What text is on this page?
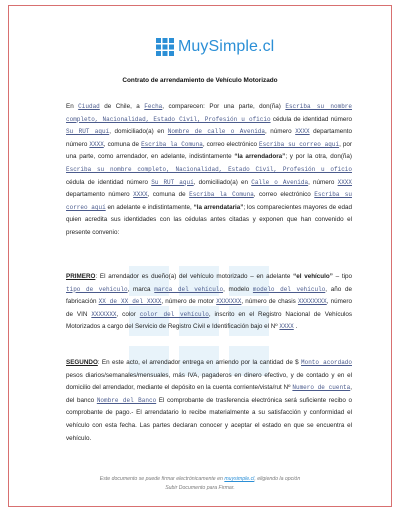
MuySimple.cl
Contrato de arrendamiento de Vehículo Motorizado

En Ciudad de Chile, a Fecha, comparecen: Por una parte, don(ña) Escriba su nombre completo, Nacionalidad, Estado Civil, Profesión u oficio cédula de identidad número Su RUT aquí, domiciliado(a) en Nombre de calle o Avenida, número XXXX departamento número XXXX, comuna de Escriba la Comuna, correo electrónico Escriba su correo aquí, por una parte, como arrendador, en adelante, indistintamente “la arrendadora”; y por la otra, don(ña) Escriba su nombre completo, Nacionalidad, Estado Civil, Profesión u oficio cédula de identidad número Su RUT aquí, domiciliado(a) en Calle o Avenida, número XXXX departamento número XXXX, comuna de Escriba la Comuna, correo electrónico Escriba su correo aquí en adelante e indistintamente, “la arrendataria”; los comparecientes mayores de edad quien acredita sus identidades con las cédulas antes citadas y exponen que han convenido el presente convenio:

PRIMERO: El arrendador es dueño(a) del vehículo motorizado – en adelante “el vehículo” – tipo tipo de vehículo, marca marca del vehículo, modelo modelo del vehículo, año de fabricación XX de XX del XXXX, número de motor XXXXXXX, número de chasis XXXXXXXX, número de VIN XXXXXXX, color color del vehículo, inscrito en el Registro Nacional de Vehículos Motorizados a cargo del Servicio de Registro Civil e Identificación bajo el Nº XXXX .

SEGUNDO: En este acto, el arrendador entrega en arriendo por la cantidad de $ Monto acordado pesos diarios/semanales/mensuales, más IVA, pagaderos en dinero efectivo, y de contado y en el domicilio del arrendador, mediante el depósito en la cuenta corriente/vista/rut Nº Numero de cuenta, del banco Nombre del Banco El comprobante de trasferencia electrónica será suficiente recibo o comprobante de pago.- El arrendatario lo recibe materialmente a su satisfacción y conformidad el vehículo con esta fecha. Las partes declaran conocer y aceptar el estado en que se encuentra el vehículo.

Este documento se puede firmar electrónicamente en muysimple.cl, eligiendo la opción
Subir Documento para Firmar.
